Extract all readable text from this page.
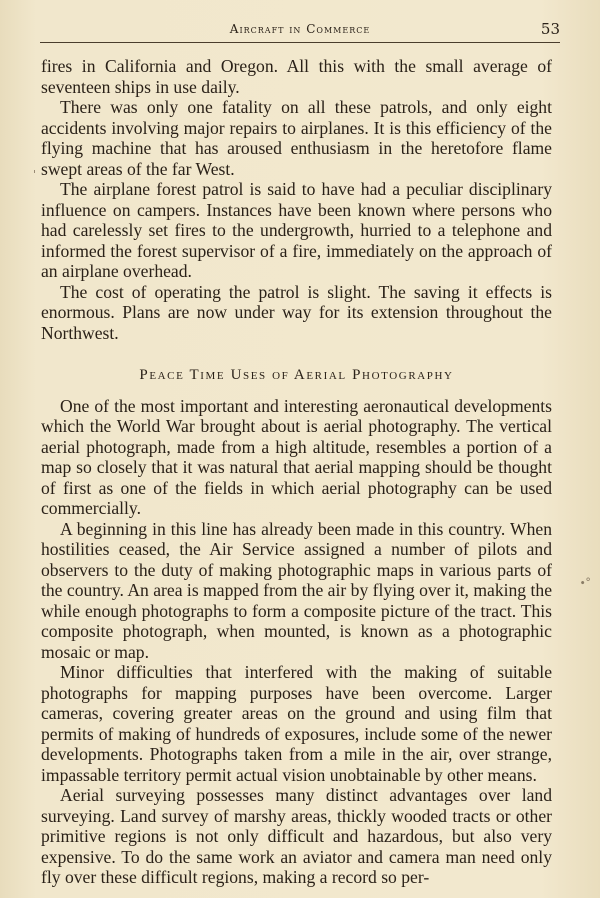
Aircraft in Commerce	53

fires in California and Oregon. All this with the small average of seventeen ships in use daily.

There was only one fatality on all these patrols, and only eight accidents involving major repairs to airplanes. It is this efficiency of the flying machine that has aroused enthusiasm in the heretofore flame swept areas of the far West.

The airplane forest patrol is said to have had a peculiar disciplinary influence on campers. Instances have been known where persons who had carelessly set fires to the undergrowth, hurried to a telephone and informed the forest supervisor of a fire, immediately on the approach of an airplane overhead.

The cost of operating the patrol is slight. The saving it effects is enormous. Plans are now under way for its extension throughout the Northwest.

Peace Time Uses of Aerial Photography

One of the most important and interesting aeronautical developments which the World War brought about is aerial photography. The vertical aerial photograph, made from a high altitude, resembles a portion of a map so closely that it was natural that aerial mapping should be thought of first as one of the fields in which aerial photography can be used commercially.

A beginning in this line has already been made in this country. When hostilities ceased, the Air Service assigned a number of pilots and observers to the duty of making photographic maps in various parts of the country. An area is mapped from the air by flying over it, making the while enough photographs to form a composite picture of the tract. This composite photograph, when mounted, is known as a photographic mosaic or map.

Minor difficulties that interfered with the making of suitable photographs for mapping purposes have been overcome. Larger cameras, covering greater areas on the ground and using film that permits of making of hundreds of exposures, include some of the newer developments. Photographs taken from a mile in the air, over strange, impassable territory permit actual vision unobtainable by other means.

Aerial surveying possesses many distinct advantages over land surveying. Land survey of marshy areas, thickly wooded tracts or other primitive regions is not only difficult and hazardous, but also very expensive. To do the same work an aviator and camera man need only fly over these difficult regions, making a record so per-

'
∙°
